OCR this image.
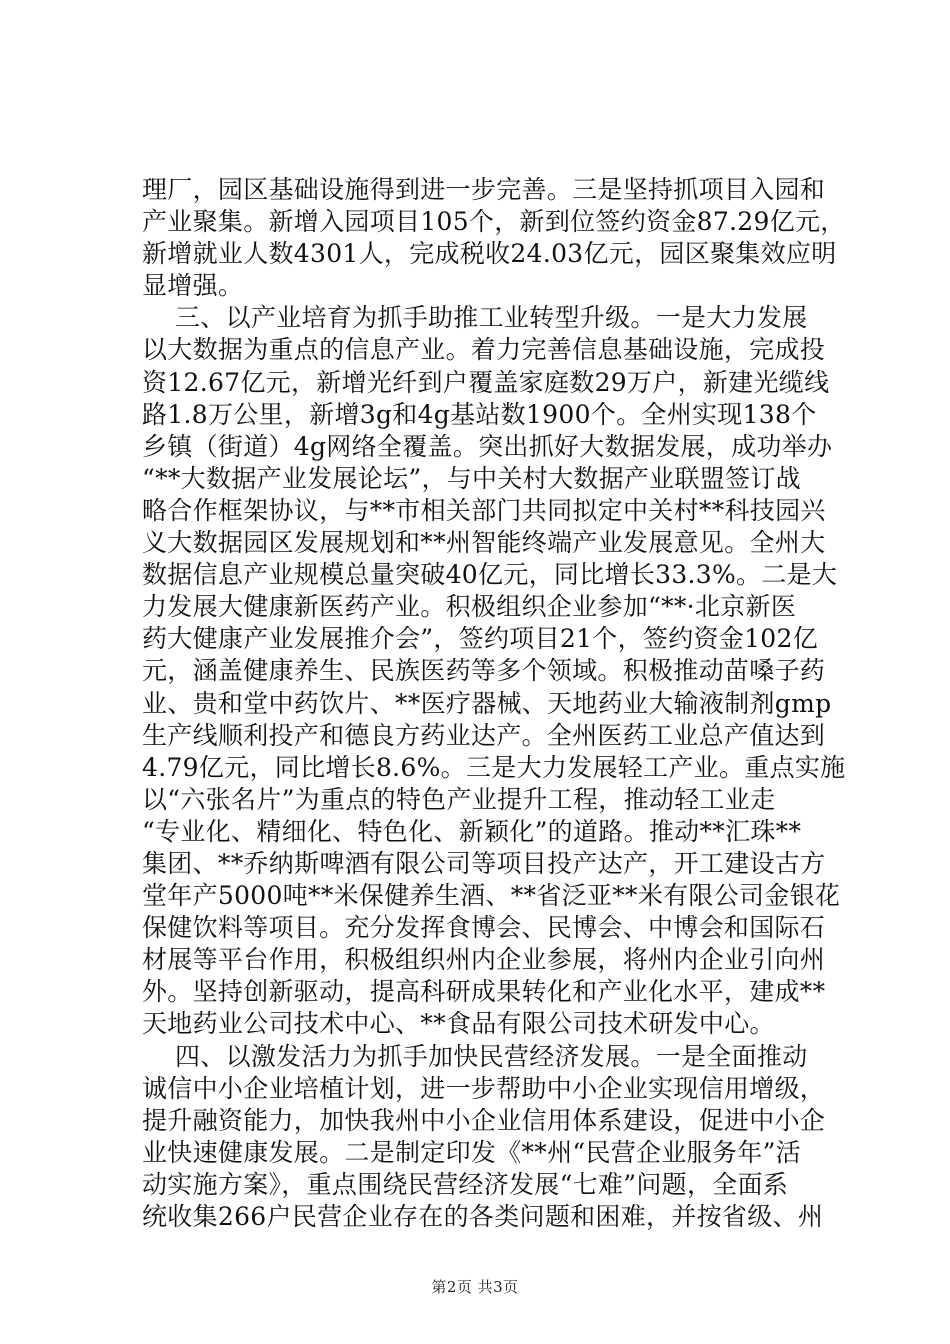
理厂，园区基础设施得到进一步完善。三是坚持抓项目入园和
产业聚集。新增入园项目105个，新到位签约资金87.29亿元，
新增就业人数4301人，完成税收24.03亿元，园区聚集效应明
显增强。
三、以产业培育为抓手助推工业转型升级。一是大力发展
以大数据为重点的信息产业。着力完善信息基础设施，完成投
资12.67亿元，新增光纤到户覆盖家庭数29万户，新建光缆线
路1.8万公里，新增3g和4g基站数1900个。全州实现138个
乡镇（街道）4g网络全覆盖。突出抓好大数据发展，成功举办
“**大数据产业发展论坛”，与中关村大数据产业联盟签订战
略合作框架协议，与**市相关部门共同拟定中关村**科技园兴
义大数据园区发展规划和**州智能终端产业发展意见。全州大
数据信息产业规模总量突破40亿元，同比增长33.3%。二是大
力发展大健康新医药产业。积极组织企业参加“**·北京新医
药大健康产业发展推介会”，签约项目21个，签约资金102亿
元，涵盖健康养生、民族医药等多个领域。积极推动苗嗓子药
业、贵和堂中药饮片、**医疗器械、天地药业大输液制剂gmp
生产线顺利投产和德良方药业达产。全州医药工业总产值达到
4.79亿元，同比增长8.6%。三是大力发展轻工产业。重点实施
以“六张名片”为重点的特色产业提升工程，推动轻工业走
“专业化、精细化、特色化、新颖化”的道路。推动**汇珠**
集团、**乔纳斯啤酒有限公司等项目投产达产，开工建设古方
堂年产5000吨**米保健养生酒、**省泛亚**米有限公司金银花
保健饮料等项目。充分发挥食博会、民博会、中博会和国际石
材展等平台作用，积极组织州内企业参展，将州内企业引向州
外。坚持创新驱动，提高科研成果转化和产业化水平，建成**
天地药业公司技术中心、**食品有限公司技术研发中心。
四、以激发活力为抓手加快民营经济发展。一是全面推动
诚信中小企业培植计划，进一步帮助中小企业实现信用增级，
提升融资能力，加快我州中小企业信用体系建设，促进中小企
业快速健康发展。二是制定印发《**州“民营企业服务年”活
动实施方案》，重点围绕民营经济发展“七难”问题，全面系
统收集266户民营企业存在的各类问题和困难，并按省级、州
第2页 共3页
